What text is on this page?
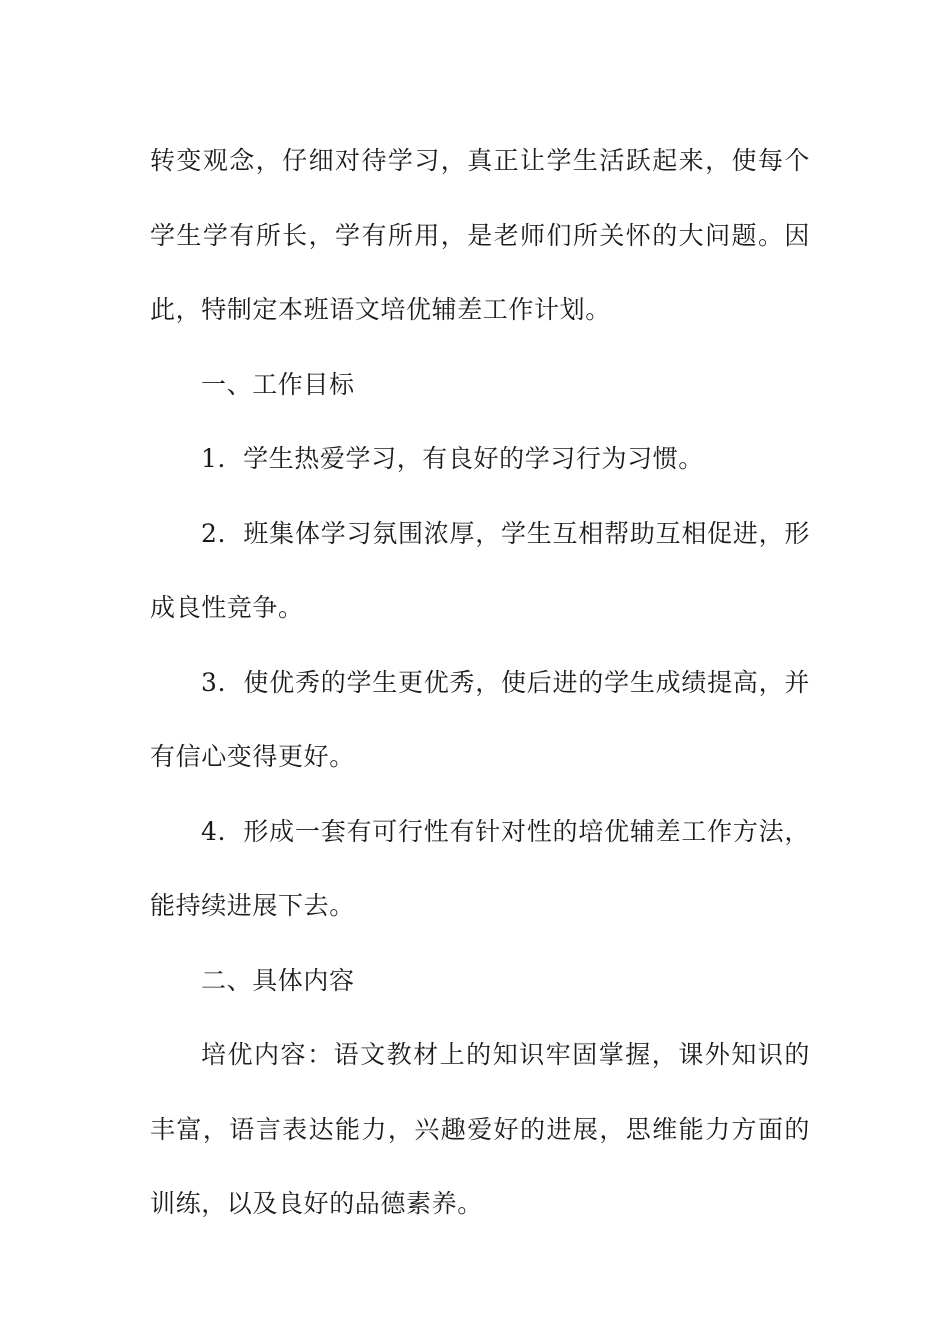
转变观念，仔细对待学习，真正让学生活跃起来，使每个学生学有所长，学有所用，是老师们所关怀的大问题。因此，特制定本班语文培优辅差工作计划。

一、工作目标

1．学生热爱学习，有良好的学习行为习惯。

2．班集体学习氛围浓厚，学生互相帮助互相促进，形成良性竞争。

3．使优秀的学生更优秀，使后进的学生成绩提高，并有信心变得更好。

4．形成一套有可行性有针对性的培优辅差工作方法，能持续进展下去。

二、具体内容

培优内容：语文教材上的知识牢固掌握，课外知识的丰富，语言表达能力，兴趣爱好的进展，思维能力方面的训练，以及良好的品德素养。
